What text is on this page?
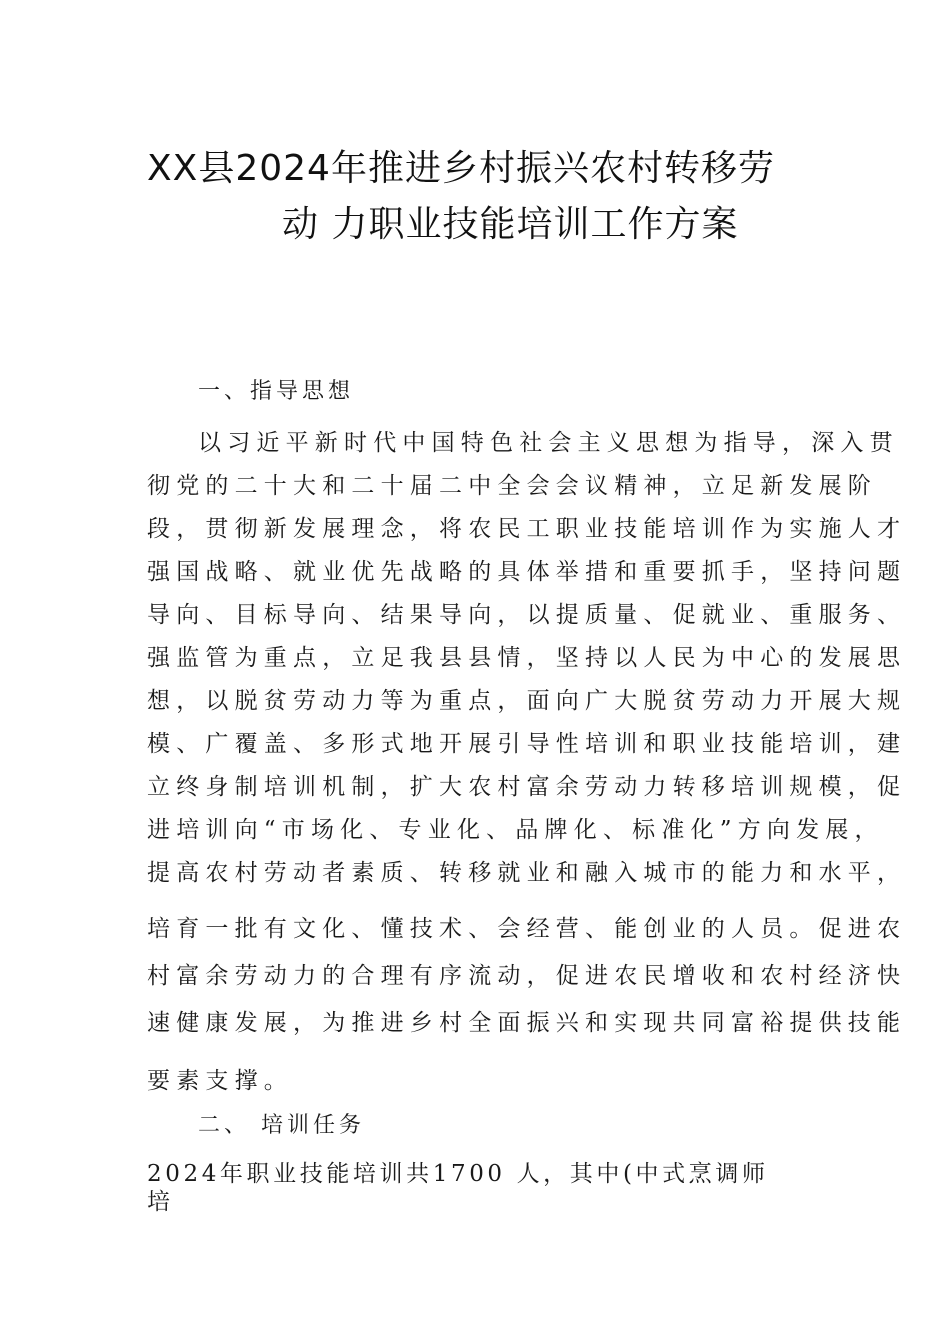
XX县2024年推进乡村振兴农村转移劳
动 力职业技能培训工作方案
一、指导思想
以习近平新时代中国特色社会主义思想为指导，深入贯
彻党的二十大和二十届二中全会会议精神，立足新发展阶
段，贯彻新发展理念，将农民工职业技能培训作为实施人才
强国战略、就业优先战略的具体举措和重要抓手，坚持问题
导向、目标导向、结果导向，以提质量、促就业、重服务、
强监管为重点，立足我县县情，坚持以人民为中心的发展思
想，以脱贫劳动力等为重点，面向广大脱贫劳动力开展大规
模、广覆盖、多形式地开展引导性培训和职业技能培训，建
立终身制培训机制，扩大农村富余劳动力转移培训规模，促
进培训向“市场化、专业化、品牌化、标准化”方向发展，
提高农村劳动者素质、转移就业和融入城市的能力和水平，
培育一批有文化、懂技术、会经营、能创业的人员。促进农
村富余劳动力的合理有序流动，促进农民增收和农村经济快
速健康发展，为推进乡村全面振兴和实现共同富裕提供技能
要素支撑。
二、 培训任务
2024年职业技能培训共1700 人，其中(中式烹调师
培
